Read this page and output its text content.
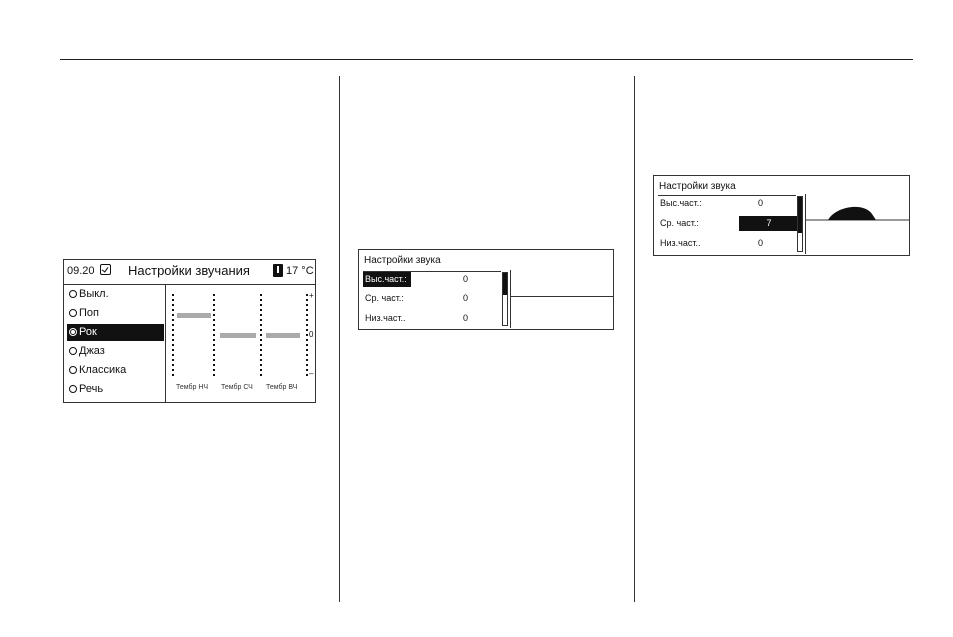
09.20	Настройки звучания	17 °C
Выкл.
Поп
Рок
Джаз
Классика
Речь
+
0
–
Тембр НЧ Тембр СЧ Тембр ВЧ
Настройки звука
Выс.част.:	0
Ср. част.:	0
Низ.част..	0
Настройки звука
Выс.част.:	0
Ср. част.:	7
Низ.част..	0
